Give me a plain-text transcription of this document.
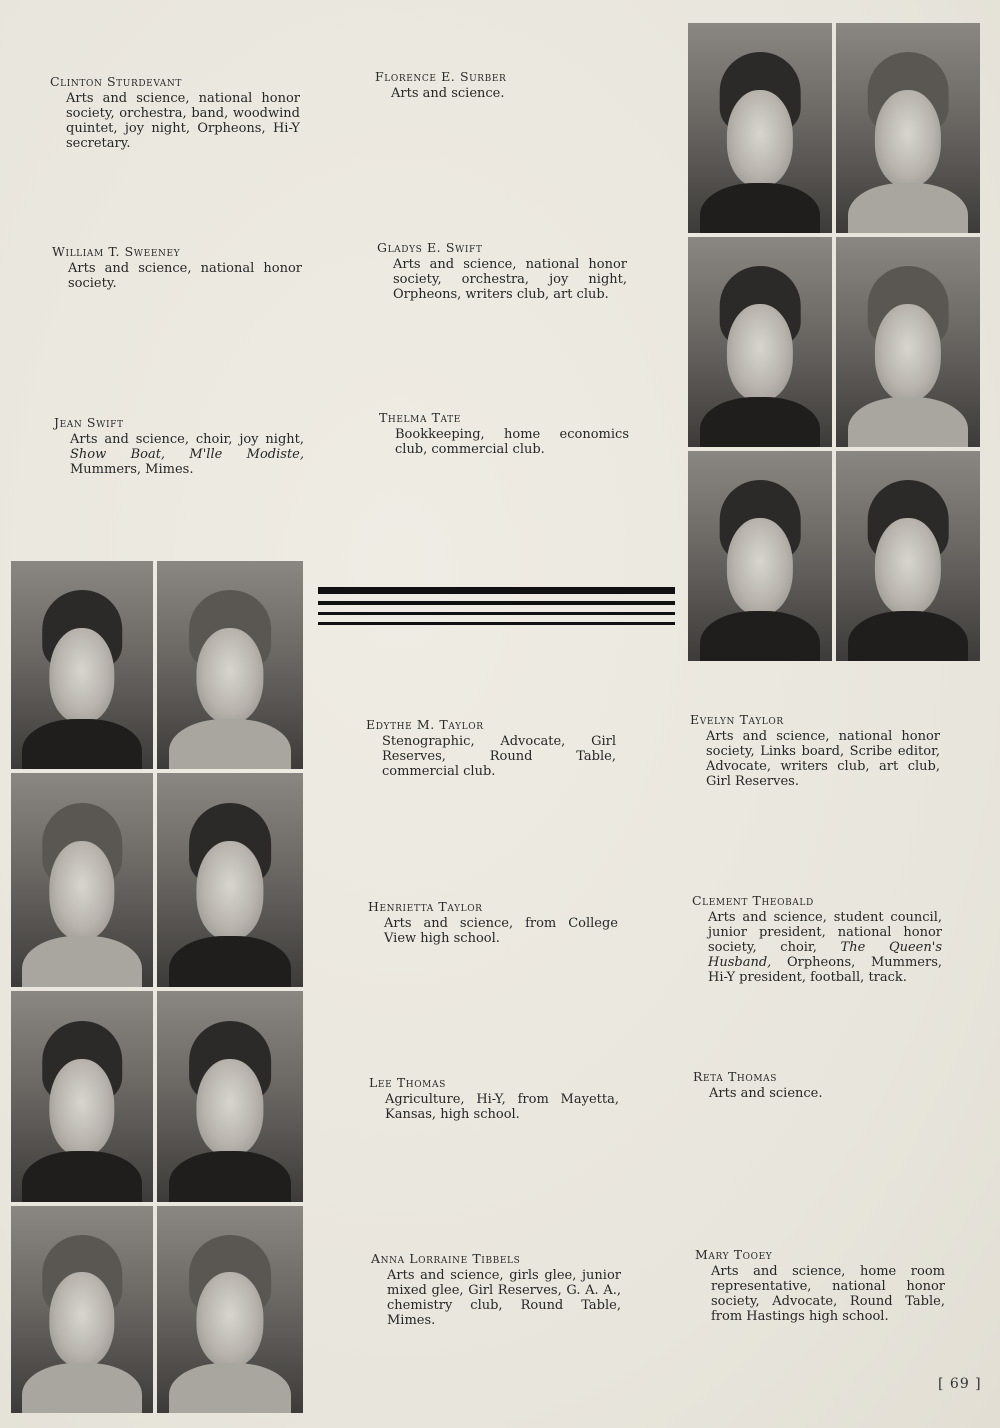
Clinton Sturdevant
Arts and science, national honor society, orchestra, band, woodwind quintet, joy night, Orpheons, Hi-Y secretary.
William T. Sweeney
Arts and science, national honor society.
Jean Swift
Arts and science, choir, joy night, Show Boat, M'lle Modiste, Mummers, Mimes.
Florence E. Surber
Arts and science.
Gladys E. Swift
Arts and science, national honor society, orchestra, joy night, Orpheons, writers club, art club.
Thelma Tate
Bookkeeping, home economics club, commercial club.
Edythe M. Taylor
Stenographic, Advocate, Girl Reserves, Round Table, commercial club.
Henrietta Taylor
Arts and science, from College View high school.
Lee Thomas
Agriculture, Hi-Y, from Mayetta, Kansas, high school.
Anna Lorraine Tibbels
Arts and science, girls glee, junior mixed glee, Girl Reserves, G. A. A., chemistry club, Round Table, Mimes.
Evelyn Taylor
Arts and science, national honor society, Links board, Scribe editor, Advocate, writers club, art club, Girl Reserves.
Clement Theobald
Arts and science, student council, junior president, national honor society, choir, The Queen's Husband, Orpheons, Mummers, Hi-Y president, football, track.
Reta Thomas
Arts and science.
Mary Tooey
Arts and science, home room representative, national honor society, Advocate, Round Table, from Hastings high school.
[ 69 ]
